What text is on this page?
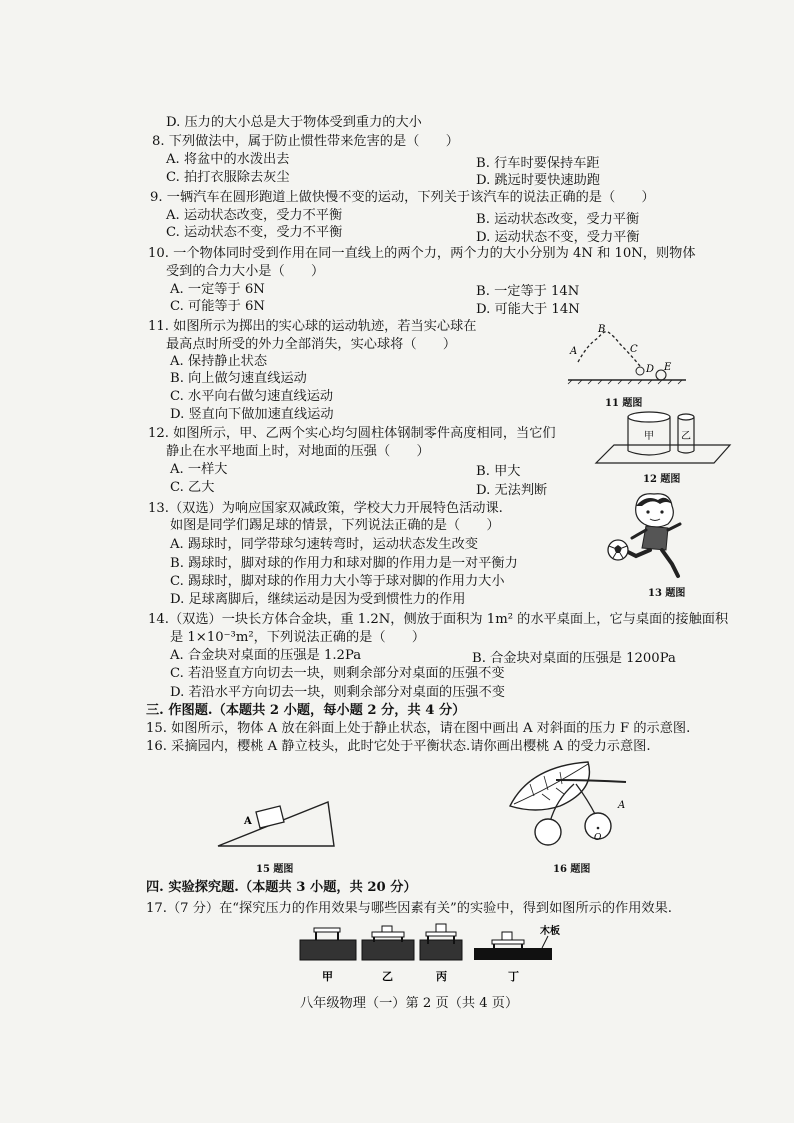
D. 压力的大小总是大于物体受到重力的大小
8. 下列做法中，属于防止惯性带来危害的是（　　）
A. 将盆中的水泼出去	B. 行车时要保持车距
C. 拍打衣服除去灰尘	D. 跳远时要快速助跑
9. 一辆汽车在圆形跑道上做快慢不变的运动，下列关于该汽车的说法正确的是（　　）
A. 运动状态改变，受力不平衡	B. 运动状态改变，受力平衡
C. 运动状态不变，受力不平衡	D. 运动状态不变，受力平衡
10. 一个物体同时受到作用在同一直线上的两个力，两个力的大小分别为 4N 和 10N，则物体
受到的合力大小是（　　）
A. 一定等于 6N	B. 一定等于 14N
C. 可能等于 6N	D. 可能大于 14N
11. 如图所示为掷出的实心球的运动轨迹，若当实心球在
最高点时所受的外力全部消失，实心球将（　　）
A. 保持静止状态
B. 向上做匀速直线运动
C. 水平向右做匀速直线运动
D. 竖直向下做加速直线运动
A
B
C
D E
11 题图
12. 如图所示，甲、乙两个实心均匀圆柱体钢制零件高度相同，当它们
静止在水平地面上时，对地面的压强（　　）
A. 一样大	B. 甲大
C. 乙大	D. 无法判断
甲	乙
12 题图
13.（双选）为响应国家双减政策，学校大力开展特色活动课.
如图是同学们踢足球的情景，下列说法正确的是（　　）
A. 踢球时，同学带球匀速转弯时，运动状态发生改变
B. 踢球时，脚对球的作用力和球对脚的作用力是一对平衡力
C. 踢球时，脚对球的作用力大小等于球对脚的作用力大小
D. 足球离脚后，继续运动是因为受到惯性力的作用	13 题图
14.（双选）一块长方体合金块，重 1.2N，侧放于面积为 1m² 的水平桌面上，它与桌面的接触面积
是 1×10⁻³m²，下列说法正确的是（　　）
A. 合金块对桌面的压强是 1.2Pa	B. 合金块对桌面的压强是 1200Pa
C. 若沿竖直方向切去一块，则剩余部分对桌面的压强不变
D. 若沿水平方向切去一块，则剩余部分对桌面的压强不变
三. 作图题.（本题共 2 小题，每小题 2 分，共 4 分）
15. 如图所示，物体 A 放在斜面上处于静止状态，请在图中画出 A 对斜面的压力 F 的示意图.
16. 采摘园内，樱桃 A 静立枝头，此时它处于平衡状态.请你画出樱桃 A 的受力示意图.
A
15 题图
A
O
16 题图
四. 实验探究题.（本题共 3 小题，共 20 分）
17.（7 分）在“探究压力的作用效果与哪些因素有关”的实验中，得到如图所示的作用效果.
木板
甲	乙	丙	丁
八年级物理（一）第 2 页（共 4 页）
